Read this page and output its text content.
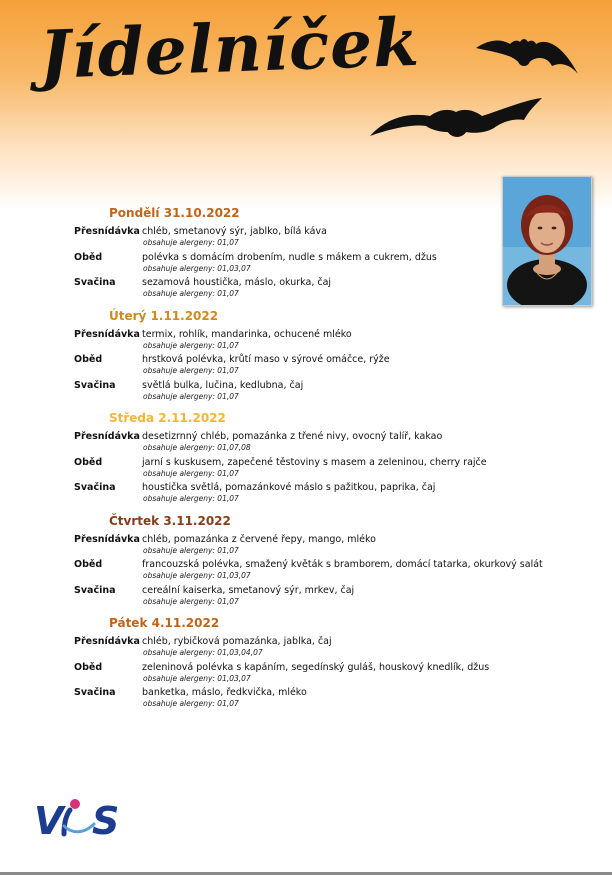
Jídelníček
Pondělí 31.10.2022
Přesnídávka chléb, smetanový sýr, jablko, bílá káva
obsahuje alergeny: 01,07
Oběd	polévka s domácím drobením, nudle s mákem a cukrem, džus
obsahuje alergeny: 01,03,07
Svačina	sezamová houstička, máslo, okurka, čaj
obsahuje alergeny: 01,07
Úterý 1.11.2022
Přesnídávka termix, rohlík, mandarinka, ochucené mléko
obsahuje alergeny: 01,07
Oběd	hrstková polévka, krůtí maso v sýrové omáčce, rýže
obsahuje alergeny: 01,07
Svačina	světlá bulka, lučina, kedlubna, čaj
obsahuje alergeny: 01,07
Středa 2.11.2022
Přesnídávka desetizrnný chléb, pomazánka z třené nivy, ovocný talíř, kakao
obsahuje alergeny: 01,07,08
Oběd	jarní s kuskusem, zapečené těstoviny s masem a zeleninou, cherry rajče
obsahuje alergeny: 01,07
Svačina	houstička světlá, pomazánkové máslo s pažitkou, paprika, čaj
obsahuje alergeny: 01,07
Čtvrtek 3.11.2022
Přesnídávka chléb, pomazánka z červené řepy, mango, mléko
obsahuje alergeny: 01,07
Oběd	francouzská polévka, smažený květák s bramborem, domácí tatarka, okurkový salát
obsahuje alergeny: 01,03,07
Svačina	cereální kaiserka, smetanový sýr, mrkev, čaj
obsahuje alergeny: 01,07
Pátek 4.11.2022
Přesnídávka chléb, rybičková pomazánka, jablka, čaj
obsahuje alergeny: 01,03,04,07
Oběd	zeleninová polévka s kapáním, segedínský guláš, houskový knedlík, džus
obsahuje alergeny: 01,03,07
Svačina	banketka, máslo, ředkvička, mléko
obsahuje alergeny: 01,07
V S
